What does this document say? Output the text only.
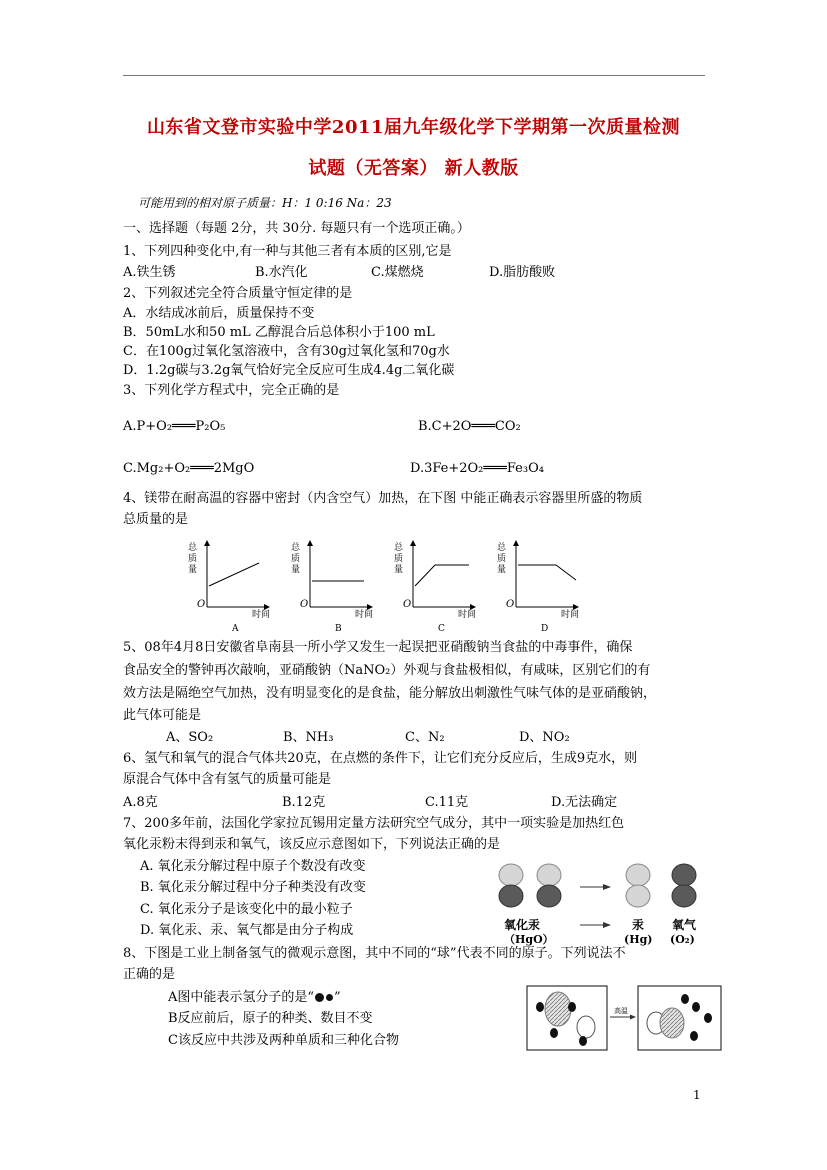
山东省文登市实验中学2011届九年级化学下学期第一次质量检测
试题（无答案） 新人教版
可能用到的相对原子质量：H：1 0:16 Na：23
一、选择题（每题 2分，共 30分. 每题只有一个选项正确。）
1、下列四种变化中,有一种与其他三者有本质的区别,它是
A.铁生锈	B.水汽化	C.煤燃烧	D.脂肪酸败
2、下列叙述完全符合质量守恒定律的是
A．水结成冰前后，质量保持不变
B．50mL水和50 mL 乙醇混合后总体积小于100 mL
C．在100g过氧化氢溶液中，含有30g过氧化氢和70g水
D．1.2g碳与3.2g氧气恰好完全反应可生成4.4g二氧化碳
3、下列化学方程式中，完全正确的是
A.P+O₂═══P₂O₅	B.C+2O═══CO₂
C.Mg₂+O₂═══2MgO	D.3Fe+2O₂═══Fe₃O₄
4、镁带在耐高温的容器中密封（内含空气）加热，在下图 中能正确表示容器里所盛的物质
总质量的是
总
质
量
O
时间
A
总
质
量
O
时间
B
总
质
量
O
时间
C
总
质
量
O
时间
D
5、08年4月8日安徽省阜南县一所小学又发生一起误把亚硝酸钠当食盐的中毒事件，确保
食品安全的警钟再次敲响，亚硝酸钠（NaNO₂）外观与食盐极相似，有咸味，区别它们的有
效方法是隔绝空气加热，没有明显变化的是食盐，能分解放出刺激性气味气体的是亚硝酸钠，
此气体可能是
A、SO₂	B、NH₃	C、N₂	D、NO₂
6、氢气和氧气的混合气体共20克，在点燃的条件下，让它们充分反应后，生成9克水，则
原混合气体中含有氢气的质量可能是
A.8克	B.12克	C.11克	D.无法确定
7、200多年前，法国化学家拉瓦锡用定量方法研究空气成分，其中一项实验是加热红色
氧化汞粉末得到汞和氧气，该反应示意图如下，下列说法正确的是
A. 氧化汞分解过程中原子个数没有改变
B. 氧化汞分解过程中分子种类没有改变
C. 氧化汞分子是该变化中的最小粒子
D. 氧化汞、汞、氧气都是由分子构成	氧化汞
（HgO）
汞
(Hg)
氧气
(O₂)
8、下图是工业上制备氢气的微观示意图，其中不同的“球”代表不同的原子。下列说法不
正确的是
A图中能表示氢分子的是“ ”
B反应前后，原子的种类、数目不变
C该反应中共涉及两种单质和三种化合物
高温
1
